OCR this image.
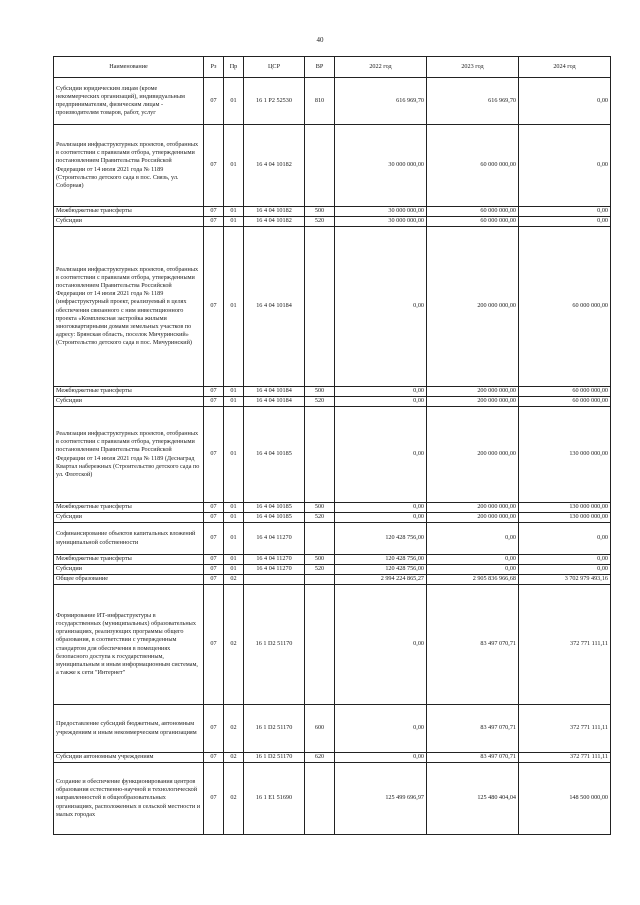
40
Наименование	Рз	Пр	ЦСР	ВР	2022 год	2023 год	2024 год
Субсидии юридическим лицам (кроме некоммерческих организаций), индивидуальным предпринимателям, физическим лицам - производителям товаров, работ, услуг	07	01	16 1 P2 52530	810	616 969,70	616 969,70	0,00
Реализация инфраструктурных проектов, отобранных в соответствии с правилами отбора, утвержденными постановлением Правительства Российской Федерации от 14 июля 2021 года № 1189 (Строительство детского сада в пос. Связь, ул. Соборная)	07	01	16 4 04 10182		30 000 000,00	60 000 000,00	0,00
Межбюджетные трансферты	07	01	16 4 04 10182	500	30 000 000,00	60 000 000,00	0,00
Субсидии	07	01	16 4 04 10182	520	30 000 000,00	60 000 000,00	0,00
Реализация инфраструктурных проектов, отобранных в соответствии с правилами отбора, утвержденными постановлением Правительства Российской Федерации от 14 июля 2021 года № 1189 (инфраструктурный проект, реализуемый в целях обеспечения связанного с ним инвестиционного проекта «Комплексная застройка жилыми многоквартирными домами земельных участков по адресу: Брянская область, поселок Мичуринский» (Строительство детского сада в пос. Мичуринский)	07	01	16 4 04 10184		0,00	200 000 000,00	60 000 000,00
Межбюджетные трансферты	07	01	16 4 04 10184	500	0,00	200 000 000,00	60 000 000,00
Субсидии	07	01	16 4 04 10184	520	0,00	200 000 000,00	60 000 000,00
Реализация инфраструктурных проектов, отобранных в соответствии с правилами отбора, утвержденными постановлением Правительства Российской Федерации от 14 июля 2021 года № 1189 (Деснаград Квартал набережных (Строительство детского сада по ул. Флотской)	07	01	16 4 04 10185		0,00	200 000 000,00	130 000 000,00
Межбюджетные трансферты	07	01	16 4 04 10185	500	0,00	200 000 000,00	130 000 000,00
Субсидии	07	01	16 4 04 10185	520	0,00	200 000 000,00	130 000 000,00
Софинансирование объектов капитальных вложений муниципальной собственности	07	01	16 4 04 11270		120 428 756,00	0,00	0,00
Межбюджетные трансферты	07	01	16 4 04 11270	500	120 428 756,00	0,00	0,00
Субсидии	07	01	16 4 04 11270	520	120 428 756,00	0,00	0,00
Общее образование	07	02			2 994 224 865,27	2 905 836 966,68	3 702 979 493,16
Формирование ИТ-инфраструктуры в государственных (муниципальных) образовательных организациях, реализующих программы общего образования, в соответствии с утвержденным стандартом для обеспечения в помещениях безопасного доступа к государственным, муниципальным и иным информационным системам, а также к сети "Интернет"	07	02	16 1 D2 51170		0,00	83 497 070,71	372 771 111,11
Предоставление субсидий бюджетным, автономным учреждениям и иным некоммерческим организациям	07	02	16 1 D2 51170	600	0,00	83 497 070,71	372 771 111,11
Субсидии автономным учреждениям	07	02	16 1 D2 51170	620	0,00	83 497 070,71	372 771 111,11
Создание и обеспечение функционирования центров образования естественно-научной и технологической направленностей в общеобразовательных организациях, расположенных в сельской местности и малых городах	07	02	16 1 E1 51690		125 499 696,97	125 480 404,04	148 500 000,00
